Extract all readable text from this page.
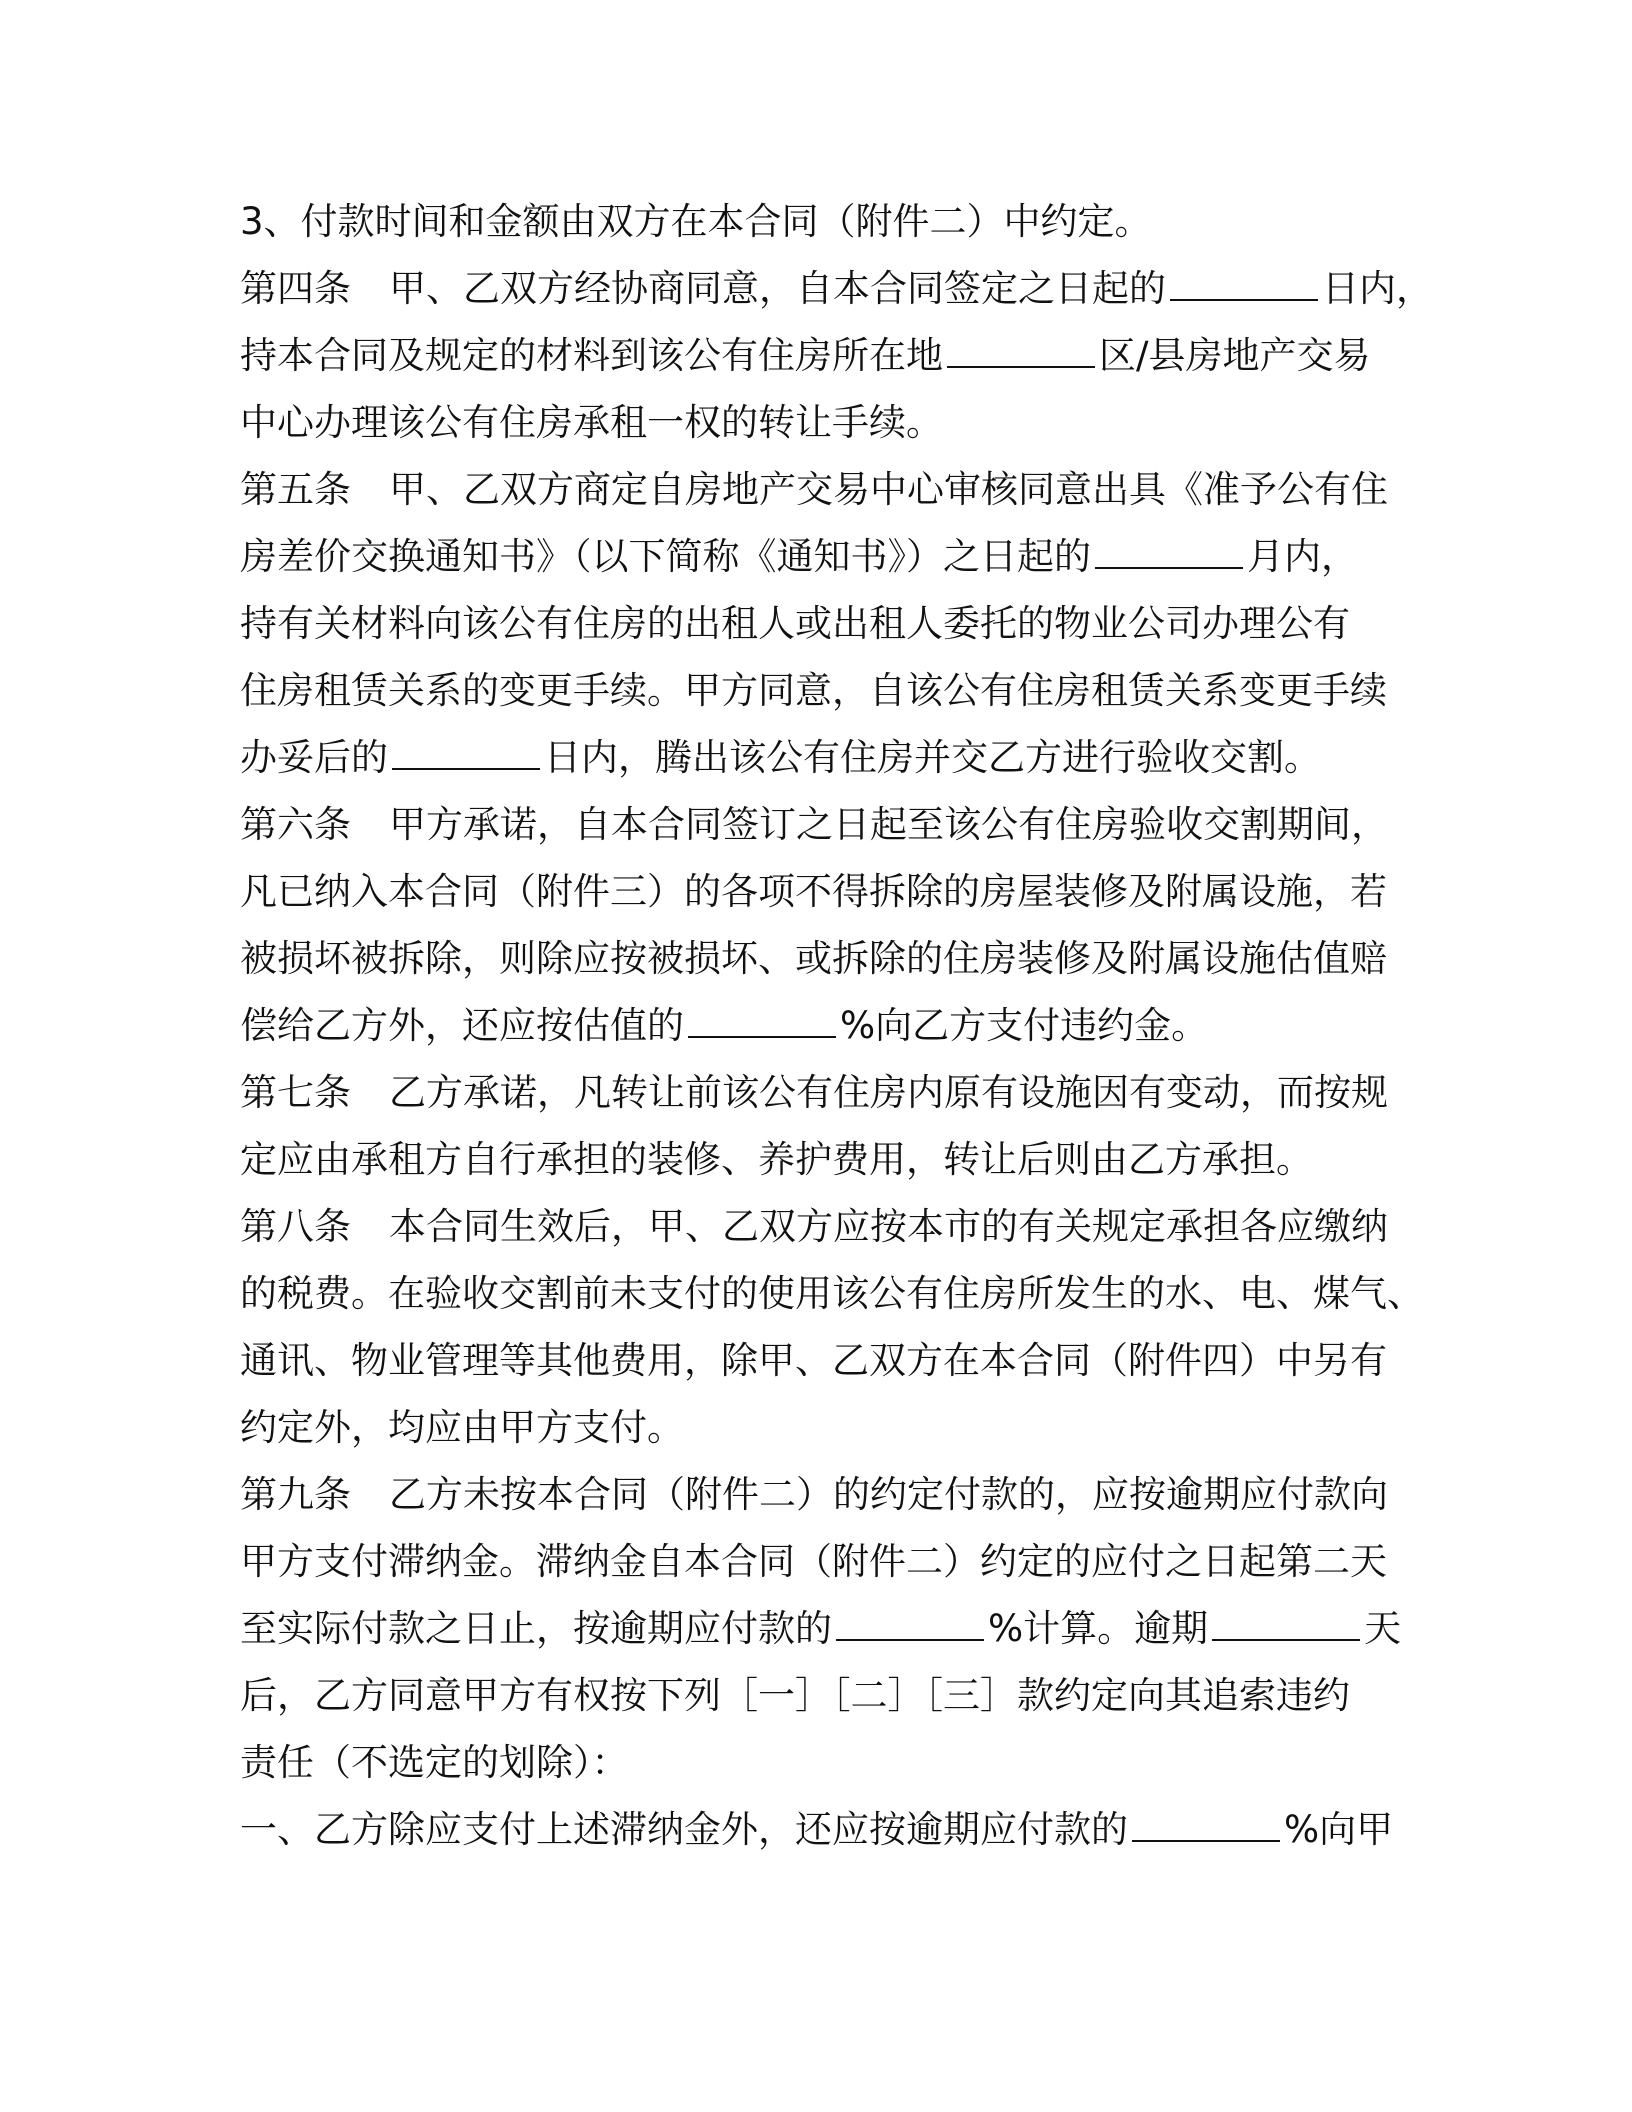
3、付款时间和金额由双方在本合同（附件二）中约定。
第四条 甲、乙双方经协商同意，自本合同签定之日起的	日内，
持本合同及规定的材料到该公有住房所在地	区/县房地产交易
中心办理该公有住房承租一权的转让手续。
第五条 甲、乙双方商定自房地产交易中心审核同意出具《准予公有住
房差价交换通知书》（以下简称《通知书》）之日起的	月内，
持有关材料向该公有住房的出租人或出租人委托的物业公司办理公有
住房租赁关系的变更手续。甲方同意，自该公有住房租赁关系变更手续
办妥后的	日内，腾出该公有住房并交乙方进行验收交割。
第六条 甲方承诺，自本合同签订之日起至该公有住房验收交割期间，
凡已纳入本合同（附件三）的各项不得拆除的房屋装修及附属设施，若
被损坏被拆除，则除应按被损坏、或拆除的住房装修及附属设施估值赔
偿给乙方外，还应按估值的	%向乙方支付违约金。
第七条 乙方承诺，凡转让前该公有住房内原有设施因有变动，而按规
定应由承租方自行承担的装修、养护费用，转让后则由乙方承担。
第八条 本合同生效后，甲、乙双方应按本市的有关规定承担各应缴纳
的税费。在验收交割前未支付的使用该公有住房所发生的水、电、煤气、
通讯、物业管理等其他费用，除甲、乙双方在本合同（附件四）中另有
约定外，均应由甲方支付。
第九条 乙方未按本合同（附件二）的约定付款的，应按逾期应付款向
甲方支付滞纳金。滞纳金自本合同（附件二）约定的应付之日起第二天
至实际付款之日止，按逾期应付款的	%计算。逾期	天
后，乙方同意甲方有权按下列［一］［二］［三］款约定向其追索违约
责任（不选定的划除）：
一、乙方除应支付上述滞纳金外，还应按逾期应付款的	%向甲
